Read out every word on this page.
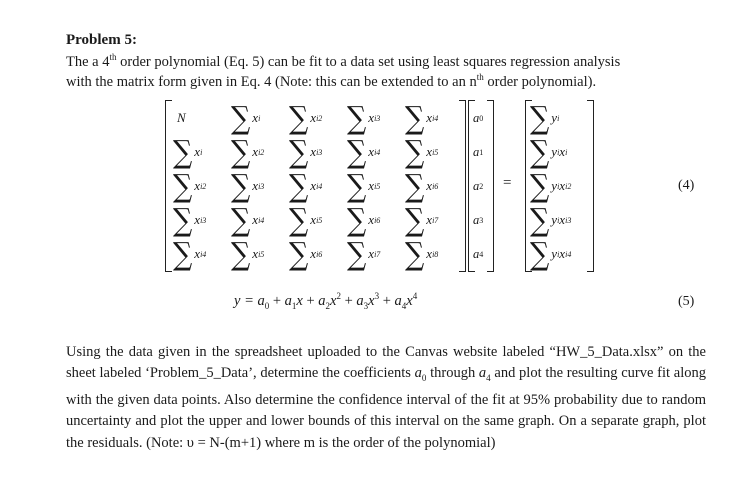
Problem 5:
The a 4th order polynomial (Eq. 5) can be fit to a data set using least squares regression analysis
with the matrix form given in Eq. 4 (Note: this can be extended to an $n^{th}$ order polynomial).
=
N ∑ x i ∑ x i 2 ∑ x i 3 ∑ x i 4
∑ x i ∑ x i 2 ∑ x i 3 ∑ x i 4 ∑ x i 5
∑ x i 2 ∑ x i 3 ∑ x i 4 ∑ x i 5 ∑ x i 6
∑ x i 3 ∑ x i 4 ∑ x i 5 ∑ x i 6 ∑ x i 7
∑ x i 4 ∑ x i 5 ∑ x i 6 ∑ x i 7 ∑ x i 8
a 0
a 1
a 2
a 3
a 4
∑ y i
∑ y i x i
∑ y i x i 2
∑ y i x i 3
∑ y i x i 4
(4)
$y = a_0 + a_1x + a_2x^2 + a_3x^3 + a_4x^4$	(5)
Using the data given in the spreadsheet uploaded to the Canvas website labeled “HW_5_Data.xlsx” on the sheet labeled ‘Problem_5_Data’, determine the coefficients $a_0$ through $a_4$ and plot the resulting curve fit along with the given data points. Also determine the confidence interval of the fit at 95% probability due to random uncertainty and plot the upper and lower bounds of this interval on the same graph. On a separate graph, plot the residuals. (Note: υ = N-(m+1) where m is the order of the polynomial)
